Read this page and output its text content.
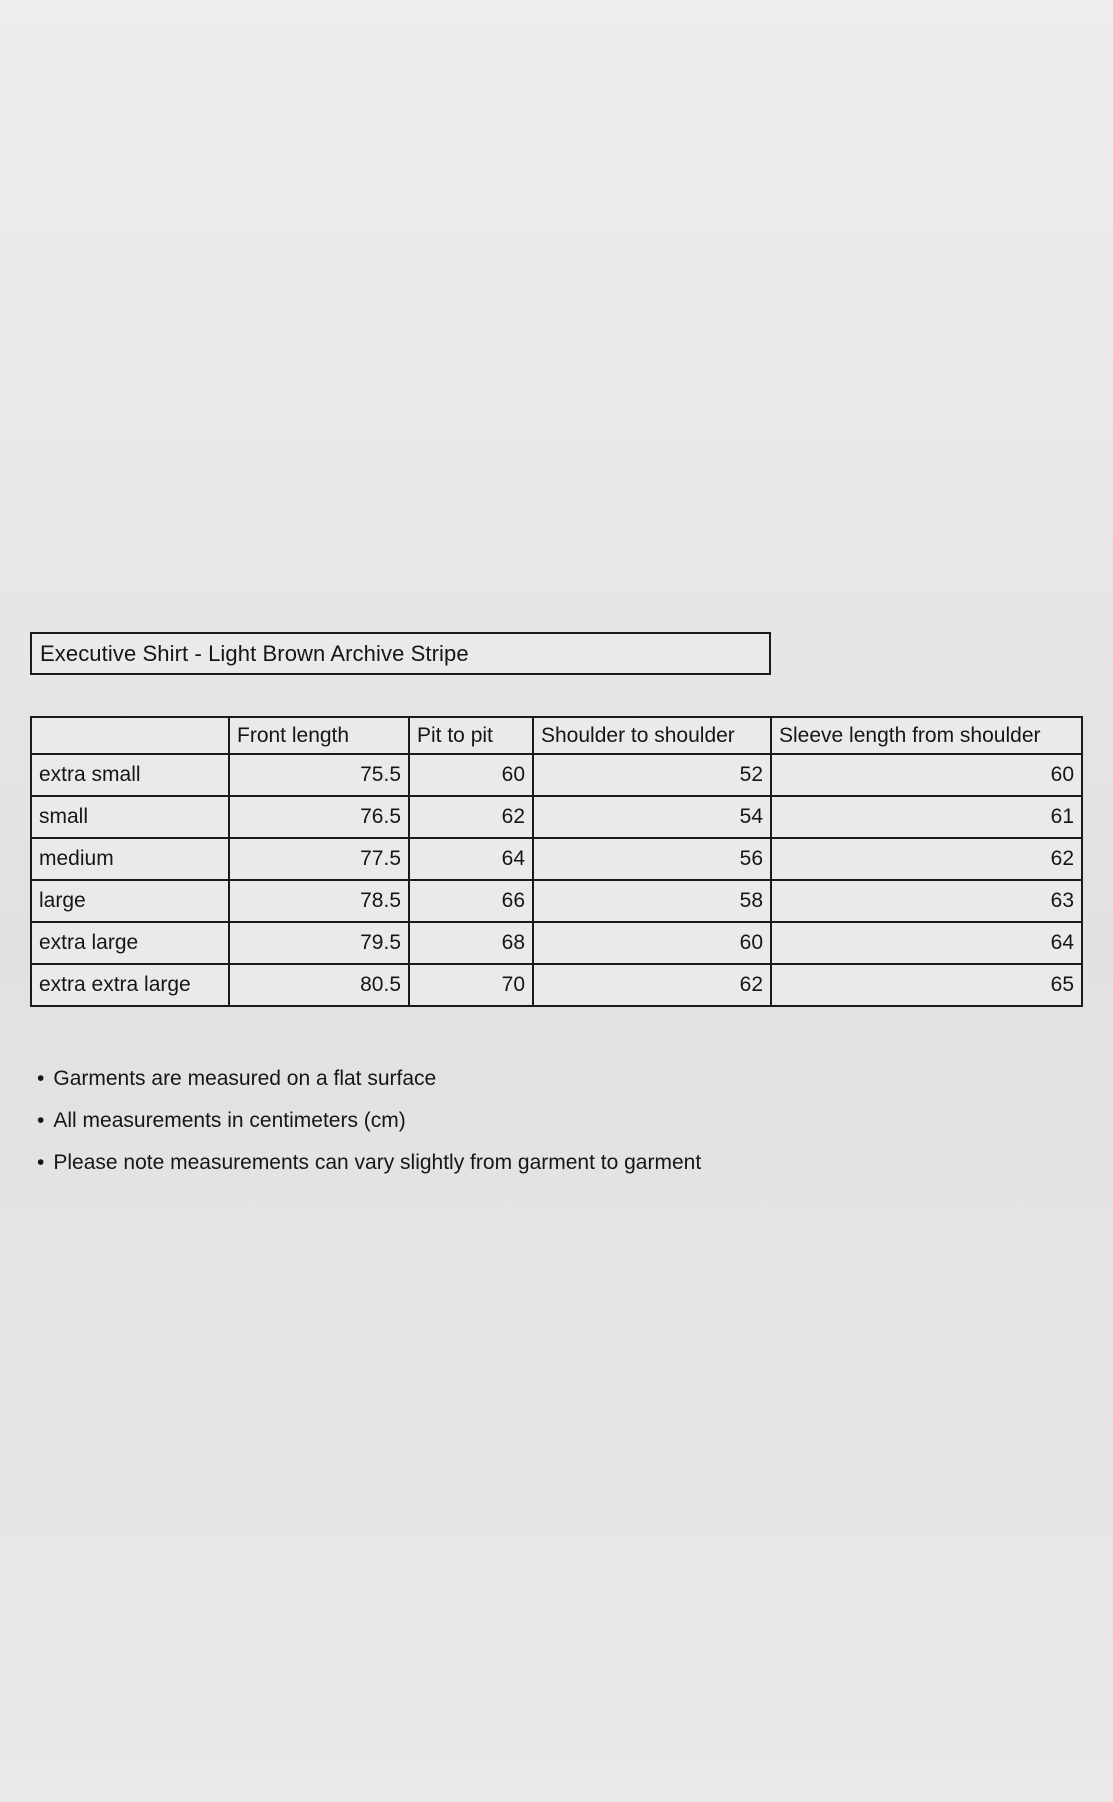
Executive Shirt - Light Brown Archive Stripe
	Front length	Pit to pit	Shoulder to shoulder	Sleeve length from shoulder
extra small	75.5	60	52	60
small	76.5	62	54	61
medium	77.5	64	56	62
large	78.5	66	58	63
extra large	79.5	68	60	64
extra extra large	80.5	70	62	65
• Garments are measured on a flat surface
• All measurements in centimeters (cm)
• Please note measurements can vary slightly from garment to garment
